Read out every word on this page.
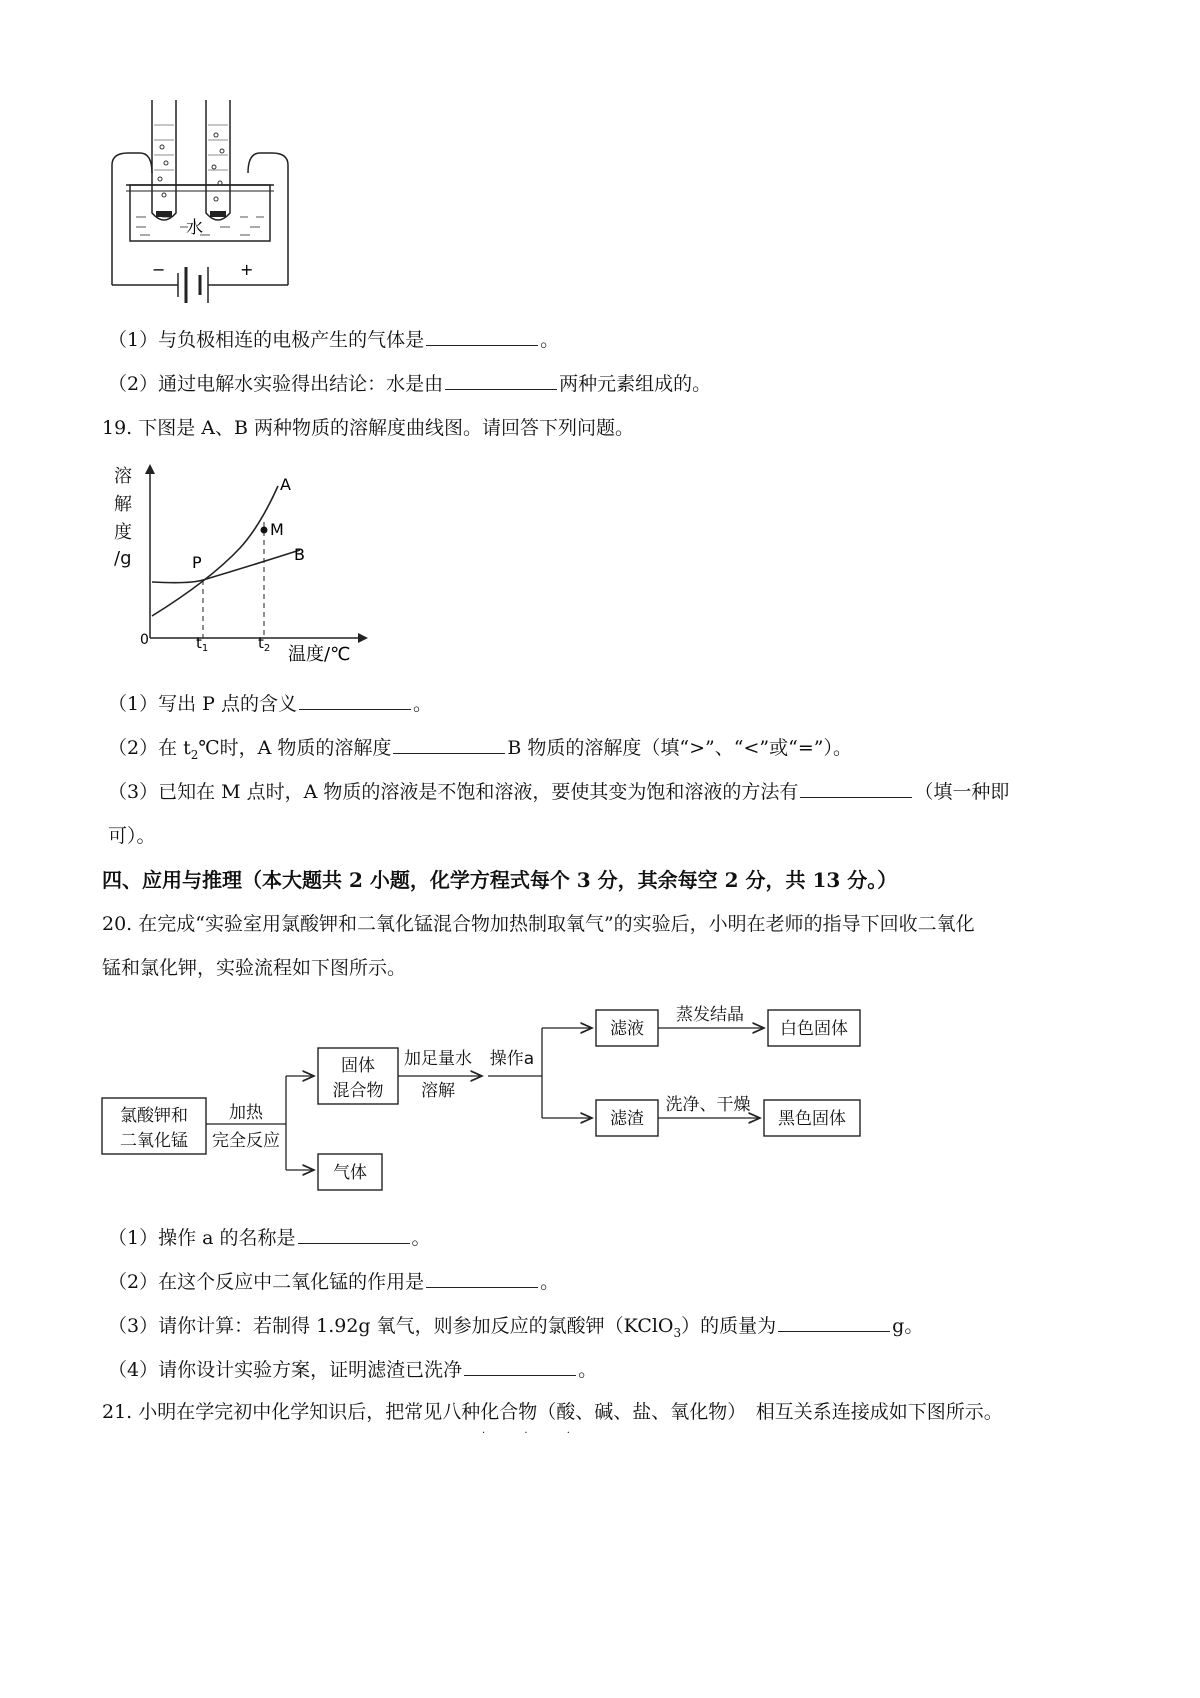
−	+
水
（1）与负极相连的电极产生的气体是	。
（2）通过电解水实验得出结论：水是由	两种元素组成的。
19. 下图是 A、B 两种物质的溶解度曲线图。请回答下列问题。
溶
解
度
/g
0
温度/℃
$t_1$	$t_2$
A
B
P
M
（1）写出 P 点的含义	。
（2）在 $t_2℃$时，A 物质的溶解度	B 物质的溶解度（填“>”、“<”或“=”）。
（3）已知在 M 点时，A 物质的溶液是不饱和溶液，要使其变为饱和溶液的方法有	（填一种即
可）。
四、应用与推理（本大题共 2 小题，化学方程式每个 3 分，其余每空 2 分，共 13 分。）
20. 在完成“实验室用氯酸钾和二氧化锰混合物加热制取氧气”的实验后，小明在老师的指导下回收二氧化
锰和氯化钾，实验流程如下图所示。
氯酸钾和
二氧化锰
加热
完全反应
固体
混合物
气体
加足量水
溶解
操作a
滤液
蒸发结晶
白色固体
滤渣
洗净、干燥
黑色固体
（1）操作 a 的名称是	。
（2）在这个反应中二氧化锰的作用是	。
（3）请你计算：若制得 1.92g 氧气，则参加反应的氯酸钾（KClO$_3$）的质量为	g。
（4）请你设计实验方案，证明滤渣已洗净	。
21. 小明在学完初中化学知识后，把常见八种化合物（酸、碱、盐、氧化物）　相互关系连接成如下图所示。
· · ·
